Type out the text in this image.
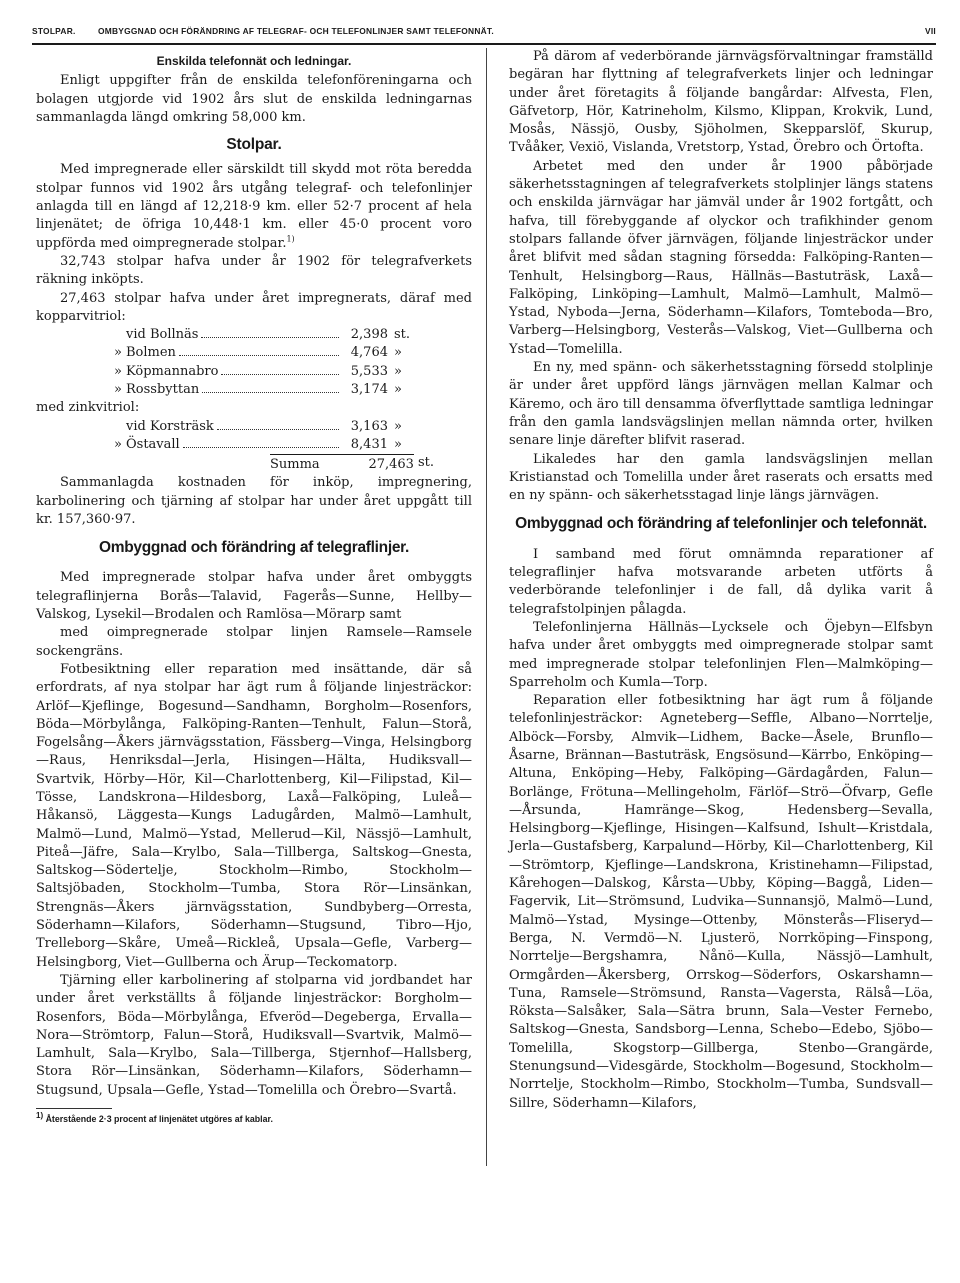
STOLPAR.	OMBYGGNAD OCH FÖRÄNDRING AF TELEGRAF- OCH TELEFONLINJER SAMT TELEFONNÄT.	VII
Enskilda telefonnät och ledningar.

Enligt uppgifter från de enskilda telefonföreningarna och bolagen utgjorde vid 1902 års slut de enskilda ledningarnas sammanlagda längd omkring 58,000 km.

Stolpar.

Med impregnerade eller särskildt till skydd mot röta beredda stolpar funnos vid 1902 års utgång telegraf- och telefonlinjer anlagda till en längd af 12,218·9 km. eller 52·7 procent af hela linjenätet; de öfriga 10,448·1 km. eller 45·0 procent voro uppförda med oimpregnerade stolpar.$^{1)}$

32,743 stolpar hafva under år 1902 för telegrafverkets räkning inköpts.

27,463 stolpar hafva under året impregnerats, däraf med kopparvitriol:

vid Bollnäs	2,398 st.
» Bolmen	4,764 »
» Köpmannabro	5,533 »
» Rossbyttan	3,174 »

med zinkvitriol:

vid Korsträsk	3,163 »
» Östavall	8,431 »
Summa	27,463 st.

Sammanlagda kostnaden för inköp, impregnering, karbolinering och tjärning af stolpar har under året uppgått till kr. 157,360·97.

Ombyggnad och förändring af telegraflinjer.

Med impregnerade stolpar hafva under året ombyggts telegraflinjerna Borås—Talavid, Fagerås—Sunne, Hellby—Valskog, Lysekil—Brodalen och Ramlösa—Mörarp samt

med oimpregnerade stolpar linjen Ramsele—Ramsele sockengräns.

Fotbesiktning eller reparation med insättande, där så erfordrats, af nya stolpar har ägt rum å följande linjesträckor: Arlöf—Kjeflinge, Bogesund—Sandhamn, Borgholm—Rosenfors, Böda—Mörbylånga, Falköping-Ranten—Tenhult, Falun—Storå, Fogelsång—Åkers järnvägsstation, Fässberg—Vinga, Helsingborg—Raus, Henriksdal—Jerla, Hisingen—Hälta, Hudiksvall—Svartvik, Hörby—Hör, Kil—Charlottenberg, Kil—Filipstad, Kil—Tösse, Landskrona—Hildesborg, Laxå—Falköping, Luleå—Håkansö, Läggesta—Kungs Ladugården, Malmö—Lamhult, Malmö—Lund, Malmö—Ystad, Mellerud—Kil, Nässjö—Lamhult, Piteå—Jäfre, Sala—Krylbo, Sala—Tillberga, Saltskog—Gnesta, Saltskog—Södertelje, Stockholm—Rimbo, Stockholm—Saltsjöbaden, Stockholm—Tumba, Stora Rör—Linsänkan, Strengnäs—Åkers järnvägsstation, Sundbyberg—Orresta, Söderhamn—Kilafors, Söderhamn—Stugsund, Tibro—Hjo, Trelleborg—Skåre, Umeå—Rickleå, Upsala—Gefle, Varberg—Helsingborg, Viet—Gullberna och Ärup—Teckomatorp.

Tjärning eller karbolinering af stolparna vid jordbandet har under året verkställts å följande linjesträckor: Borgholm—Rosenfors, Böda—Mörbylånga, Efveröd—Degeberga, Ervalla—Nora—Strömtorp, Falun—Storå, Hudiksvall—Svartvik, Malmö—Lamhult, Sala—Krylbo, Sala—Tillberga, Stjernhof—Hallsberg, Stora Rör—Linsänkan, Söderhamn—Kilafors, Söderhamn—Stugsund, Upsala—Gefle, Ystad—Tomelilla och Örebro—Svartå.

1) Återstående 2·3 procent af linjenätet utgöres af kablar.

På därom af vederbörande järnvägsförvaltningar framställd begäran har flyttning af telegrafverkets linjer och ledningar under året företagits å följande bangårdar: Alfvesta, Flen, Gäfvetorp, Hör, Katrineholm, Kilsmo, Klippan, Krokvik, Lund, Mosås, Nässjö, Ousby, Sjöholmen, Skepparslöf, Skurup, Tvååker, Vexiö, Vislanda, Vretstorp, Ystad, Örebro och Örtofta.

Arbetet med den under år 1900 påbörjade säkerhetsstagningen af telegrafverkets stolplinjer längs statens och enskilda järnvägar har jämväl under år 1902 fortgått, och hafva, till förebyggande af olyckor och trafikhinder genom stolpars fallande öfver järnvägen, följande linjesträckor under året blifvit med sådan stagning försedda: Falköping-Ranten—Tenhult, Helsingborg—Raus, Hällnäs—Bastuträsk, Laxå—Falköping, Linköping—Lamhult, Malmö—Lamhult, Malmö—Ystad, Nyboda—Jerna, Söderhamn—Kilafors, Tomteboda—Bro, Varberg—Helsingborg, Vesterås—Valskog, Viet—Gullberna och Ystad—Tomelilla.

En ny, med spänn- och säkerhetsstagning försedd stolplinje är under året uppförd längs järnvägen mellan Kalmar och Käremo, och äro till densamma öfverflyttade samtliga ledningar från den gamla landsvägslinjen mellan nämnda orter, hvilken senare linje därefter blifvit raserad.

Likaledes har den gamla landsvägslinjen mellan Kristianstad och Tomelilla under året raserats och ersatts med en ny spänn- och säkerhetsstagad linje längs järnvägen.

Ombyggnad och förändring af telefonlinjer och telefonnät.

I samband med förut omnämnda reparationer af telegraflinjer hafva motsvarande arbeten utförts å vederbörande telefonlinjer i de fall, då dylika varit å telegrafstolpinjen pålagda.

Telefonlinjerna Hällnäs—Lycksele och Öjebyn—Elfsbyn hafva under året ombyggts med oimpregnerade stolpar samt med impregnerade stolpar telefonlinjen Flen—Malmköping—Sparreholm och Kumla—Torp.

Reparation eller fotbesiktning har ägt rum å följande telefonlinjesträckor: Agneteberg—Sefflе, Albano—Norrtelje, Alböck—Forsby, Almvik—Lidhem, Backe—Åsele, Brunflo—Åsarne, Brännan—Bastuträsk, Engsösund—Kärrbo, Enköping—Altuna, Enköping—Heby, Falköping—Gärdagården, Falun—Borlänge, Frötuna—Mellingeholm, Färlöf—Strö—Öfvarp, Gefle—Årsunda, Hamränge—Skog, Hedensberg—Sevalla, Helsingborg—Kjeflinge, Hisingen—Kalfsund, Ishult—Kristdala, Jerla—Gustafsberg, Karpalund—Hörby, Kil—Charlottenberg, Kil—Strömtorp, Kjeflinge—Landskrona, Kristinehamn—Filipstad, Kårehogen—Dalskog, Kårsta—Ubby, Köping—Baggå, Liden—Fagervik, Lit—Strömsund, Ludvika—Sunnansjö, Malmö—Lund, Malmö—Ystad, Mysinge—Ottenby, Mönsterås—Fliseryd—Berga, N. Vermdö—N. Ljusterö, Norrköping—Finspong, Norrtelje—Bergshamra, Nånö—Kulla, Nässjö—Lamhult, Ormgården—Åkersberg, Orrskog—Söderfors, Oskarshamn—Tuna, Ramsele—Strömsund, Ransta—Vagersta, Rälså—Löa, Röksta—Salsåker, Sala—Sätra brunn, Sala—Vester Fernebo, Saltskog—Gnesta, Sandsborg—Lenna, Schebo—Edebo, Sjöbo—Tomelilla, Skogstorp—Gillberga, Stenbo—Grangärde, Stenungsund—Videsgärde, Stockholm—Bogesund, Stockholm—Norrtelje, Stockholm—Rimbo, Stockholm—Tumba, Sundsvall—Sillre, Söderhamn—Kilafors,
